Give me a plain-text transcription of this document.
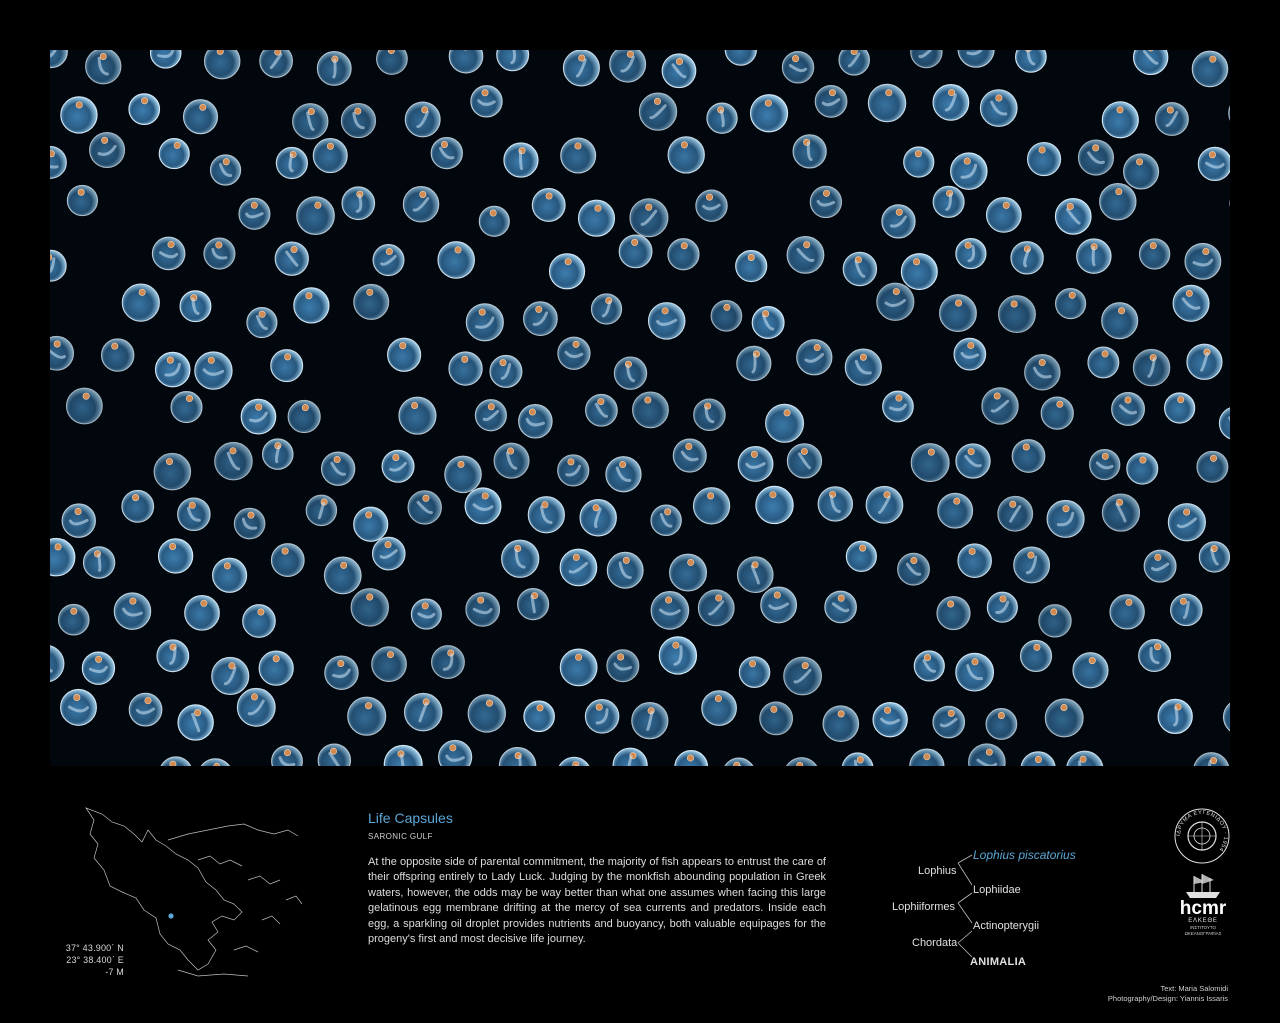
37° 43.900΄ N
23° 38.400΄ E
-7 M
Life Capsules
SARONIC GULF
At the opposite side of parental commitment, the majority of fish appears to entrust the care of their offspring entirely to Lady Luck. Judging by the monkfish abounding population in Greek waters, however, the odds may be way better than what one assumes when facing this large gelatinous egg membrane drifting at the mercy of sea currents and predators. Inside each egg, a sparkling oil droplet provides nutrients and buoyancy, both valuable equipages for the progeny's first and most decisive life journey.
Lophius piscatorius
Lophius
Lophiidae
Lophiiformes
Actinopterygii
Chordata
ANIMALIA
ΙΔΡΥΜΑ ΕΥΓΕΝΙΔΟΥ · 1954
hcmr
ΕΛΚΕΘΕ
ΙΝΣΤΙΤΟΥΤΟ
ΩΚΕΑΝΟΓΡΑΦΙΑΣ
Text: Maria Salomidi
Photography/Design: Yiannis Issaris
